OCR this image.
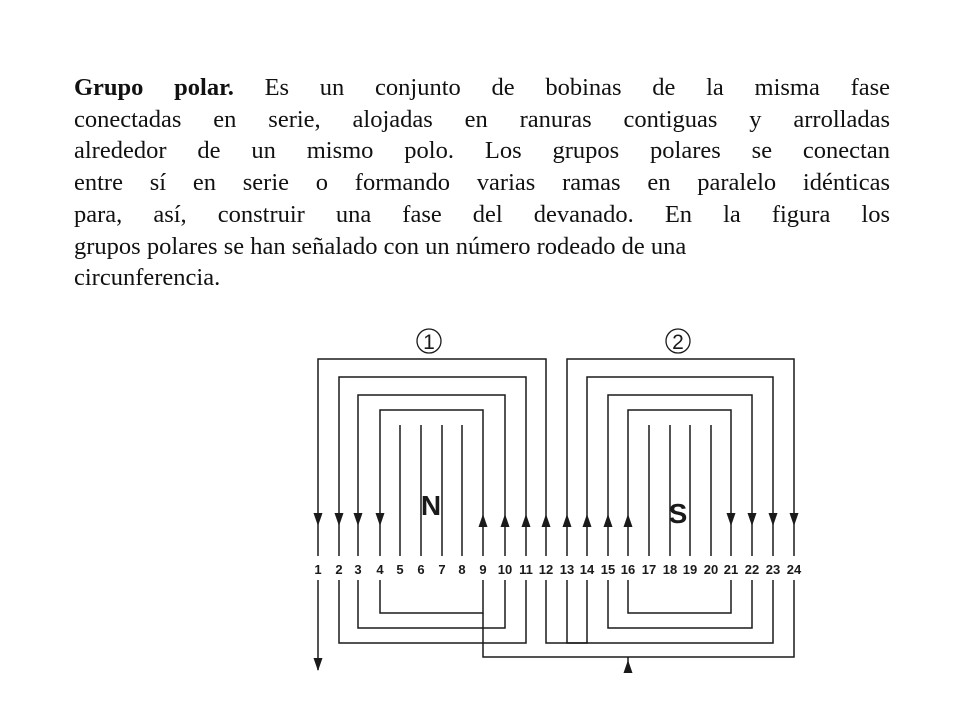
Grupo polar. Es un conjunto de bobinas de la misma fase
conectadas en serie, alojadas en ranuras contiguas y arrolladas
alrededor de un mismo polo. Los grupos polares se conectan
entre sí en serie o formando varias ramas en paralelo idénticas
para, así, construir una fase del devanado. En la figura los
grupos polares se han señalado con un número rodeado de una
circunferencia.
1 2 3 4 5 6 7 8 9 10 11 12 13 14 15 16 17 18 19 20 21 22 23 24
1	2
N	S
